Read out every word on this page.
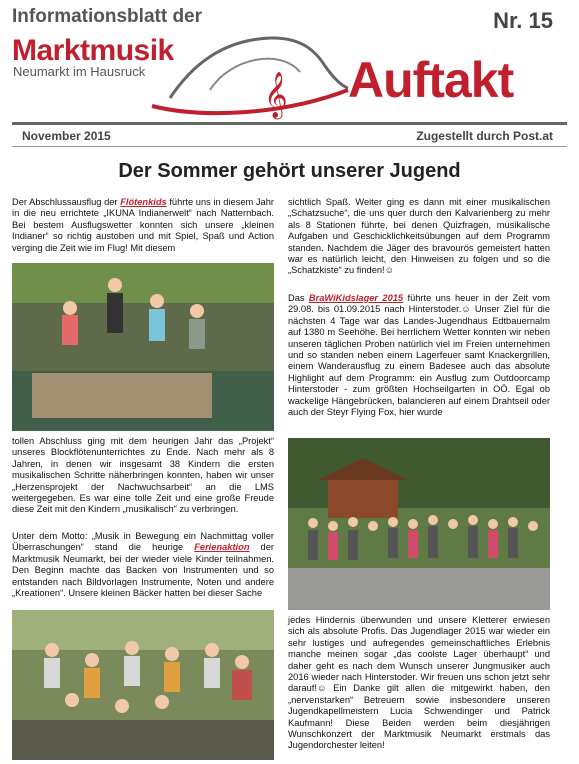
Informationsblatt der	Nr. 15
𝄞
Marktmusik
Neumarkt im Hausruck	Auftakt
November 2015	Zugestellt durch Post.at
Der Sommer gehört unserer Jugend
Der Abschlussausflug der Flötenkids führte uns in diesem Jahr in die neu errichtete „IKUNA Indianerwelt“ nach Natternbach. Bei bestem Ausflugswetter konnten sich unsere „kleinen Indianer“ so richtig austoben und mit Spiel, Spaß und Action verging die Zeit wie im Flug! Mit diesem
tollen Abschluss ging mit dem heurigen Jahr das „Projekt“ unseres Blockflötenunterrichtes zu Ende. Nach mehr als 8 Jahren, in denen wir insgesamt 38 Kindern die ersten musikalischen Schritte näherbringen konnten, haben wir unser „Herzensprojekt der Nachwuchsarbeit“ an die LMS weitergegeben. Es war eine tolle Zeit und eine große Freude diese Zeit mit den Kindern „musikalisch“ zu verbringen.
Unter dem Motto: „Musik in Bewegung ein Nachmittag voller Überraschungen“ stand die heurige Ferienaktion der Marktmusik Neumarkt, bei der wieder viele Kinder teilnahmen. Den Beginn machte das Backen von Instrumenten und so entstanden nach Bildvorlagen Instrumente, Noten und andere „Kreationen“. Unsere kleinen Bäcker hatten bei dieser Sache
sichtlich Spaß. Weiter ging es dann mit einer musikalischen „Schatzsuche“, die uns quer durch den Kalvarienberg zu mehr als 8 Stationen führte, bei denen Quizfragen, musikalische Aufgaben und Geschicklichkeitsübungen auf dem Programm standen. Nachdem die Jäger des bravourös gemeistert hatten war es natürlich leicht, den Hinweisen zu folgen und so die „Schatzkiste“ zu finden!☺
Das BraWiKidslager 2015 führte uns heuer in der Zeit vom 29.08. bis 01.09.2015 nach Hinterstoder.☺ Unser Ziel für die nächsten 4 Tage war das Landes-Jugendhaus Edtbauernalm auf 1380 m Seehöhe. Bei herrlichem Wetter konnten wir neben unseren täglichen Proben natürlich viel im Freien unternehmen und so standen neben einem Lagerfeuer samt Knackergrillen, einem Wanderausflug zu einem Badesee auch das absolute Highlight auf dem Programm: ein Ausflug zum Outdoorcamp Hinterstoder - zum größten Hochseilgarten in OÖ. Egal ob wackelige Hängebrücken, balancieren auf einem Drahtseil oder auch der Steyr Flying Fox, hier wurde
jedes Hindernis überwunden und unsere Kletterer erwiesen sich als absolute Profis. Das Jugendlager 2015 war wieder ein sehr lustiges und aufregendes gemeinschaftliches Erlebnis manche meinen sogar „das coolste Lager überhaupt“ und daher geht es nach dem Wunsch unserer Jungmusiker auch 2016 wieder nach Hinterstoder. Wir freuen uns schon jetzt sehr darauf!☺ Ein Danke gilt allen die mitgewirkt haben, den „nervenstarken“ Betreuern sowie insbesondere unseren Jugendkapellmeistern Lucia Schwendinger und Patrick Kaufmann! Diese Beiden werden beim diesjährigen Wunschkonzert der Marktmusik Neumarkt erstmals das Jugendorchester leiten!
